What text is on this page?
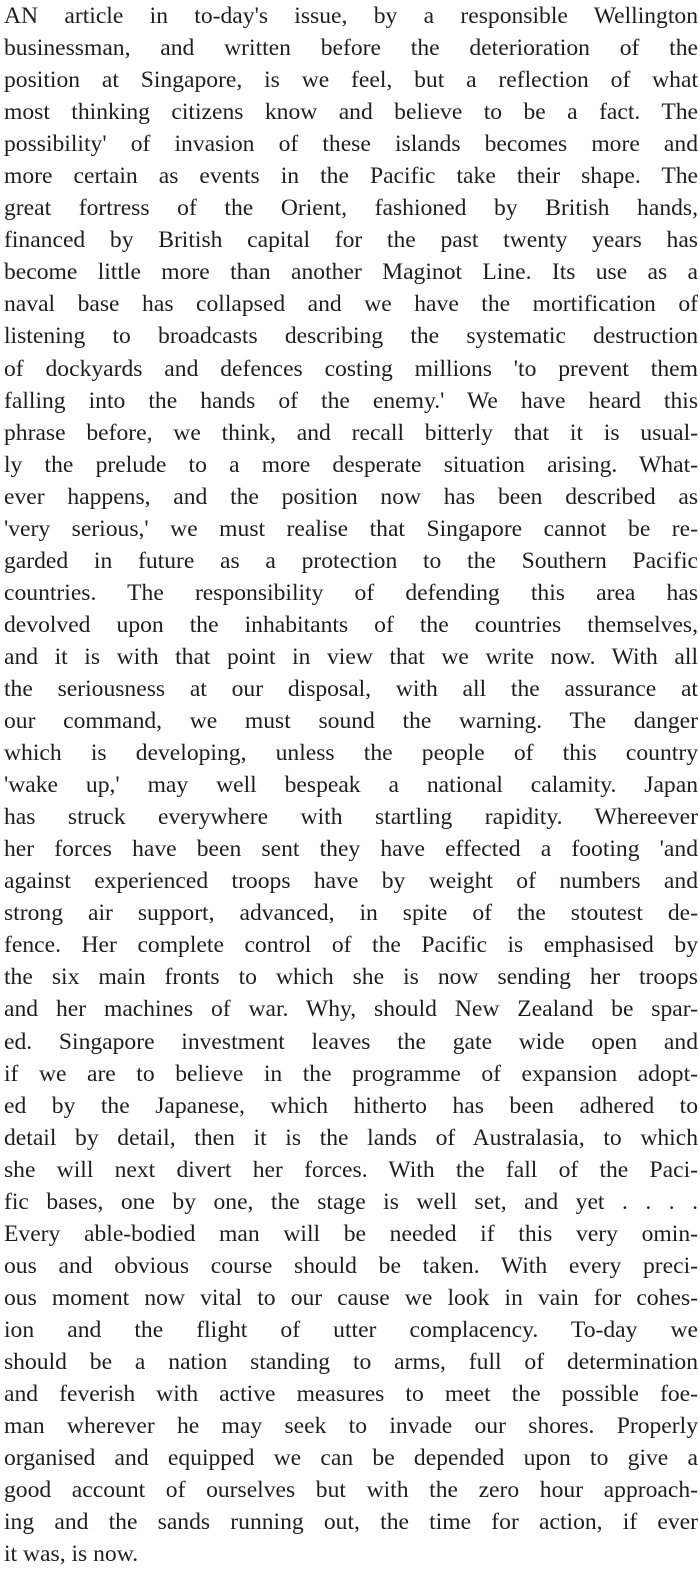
AN article in to-day's issue, by a responsible Wellington
businessman, and written before the deterioration of the
position at Singapore, is we feel, but a reflection of what
most thinking citizens know and believe to be a fact. The
possibility' of invasion of these islands becomes more and
more certain as events in the Pacific take their shape. The
great fortress of the Orient, fashioned by British hands,
financed by British capital for the past twenty years has
become little more than another Maginot Line. Its use as a
naval base has collapsed and we have the mortification of
listening to broadcasts describing the systematic destruction
of dockyards and defences costing millions 'to prevent them
falling into the hands of the enemy.' We have heard this
phrase before, we think, and recall bitterly that it is usual-
ly the prelude to a more desperate situation arising. What-
ever happens, and the position now has been described as
'very serious,' we must realise that Singapore cannot be re-
garded in future as a protection to the Southern Pacific
countries. The responsibility of defending this area has
devolved upon the inhabitants of the countries themselves,
and it is with that point in view that we write now. With all
the seriousness at our disposal, with all the assurance at
our command, we must sound the warning. The danger
which is developing, unless the people of this country
'wake up,' may well bespeak a national calamity. Japan
has struck everywhere with startling rapidity. Whereever
her forces have been sent they have effected a footing 'and
against experienced troops have by weight of numbers and
strong air support, advanced, in spite of the stoutest de-
fence. Her complete control of the Pacific is emphasised by
the six main fronts to which she is now sending her troops
and her machines of war. Why, should New Zealand be spar-
ed. Singapore investment leaves the gate wide open and
if we are to believe in the programme of expansion adopt-
ed by the Japanese, which hitherto has been adhered to
detail by detail, then it is the lands of Australasia, to which
she will next divert her forces. With the fall of the Paci-
fic bases, one by one, the stage is well set, and yet . . . .
Every able-bodied man will be needed if this very omin-
ous and obvious course should be taken. With every preci-
ous moment now vital to our cause we look in vain for cohes-
ion and the flight of utter complacency. To-day we
should be a nation standing to arms, full of determination
and feverish with active measures to meet the possible foe-
man wherever he may seek to invade our shores. Properly
organised and equipped we can be depended upon to give a
good account of ourselves but with the zero hour approach-
ing and the sands running out, the time for action, if ever
it was, is now.
